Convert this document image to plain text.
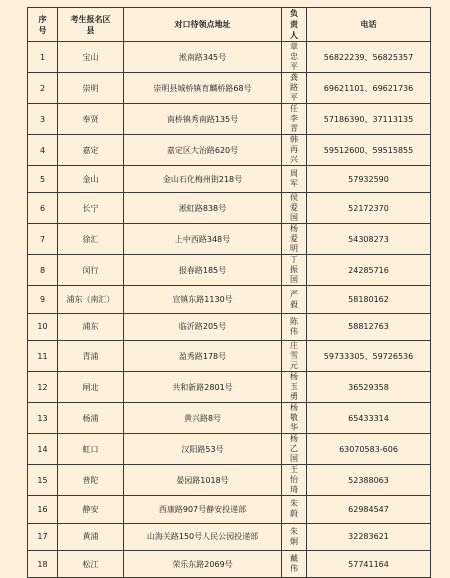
序号	考生报名区县	对口待领点地址	负责人	电话
1	宝山	淞南路345号	章忠平	56822239、56825357
2	崇明	崇明县城桥镇育麟桥路68号	龚路平	69621101、69621736
3	奉贤	南桥镇秀南路135号	任李青	57186390、37113135
4	嘉定	嘉定区大治路620号	韩再兴	59512600、59515855
5	金山	金山石化梅州街218号	周军	57932590
6	长宁	淞虹路838号	侯爱国	52172370
7	徐汇	上中西路348号	杨爱明	54308273
8	闵行	报春路185号	丁振国	24285716
9	浦东（南汇）	宣镇东路1130号	严毅	58180162
10	浦东	临沂路205号	陈伟	58812763
11	青浦	盈秀路178号	庄雪元	59733305、59726536
12	闸北	共和新路2801号	杨玉勇	36529358
13	杨浦	黄兴路8号	杨敬华	65433314
14	虹口	汉阳路53号	杨乙国	63070583-606
15	普陀	晏园路1018号	王怡琦	52388063
16	静安	西康路907号静安投递部	朱蔚	62984547
17	黄浦	山海关路150号人民公园投递部	朱炯	32283621
18	松江	荣乐东路2069号	戴伟	57741164
